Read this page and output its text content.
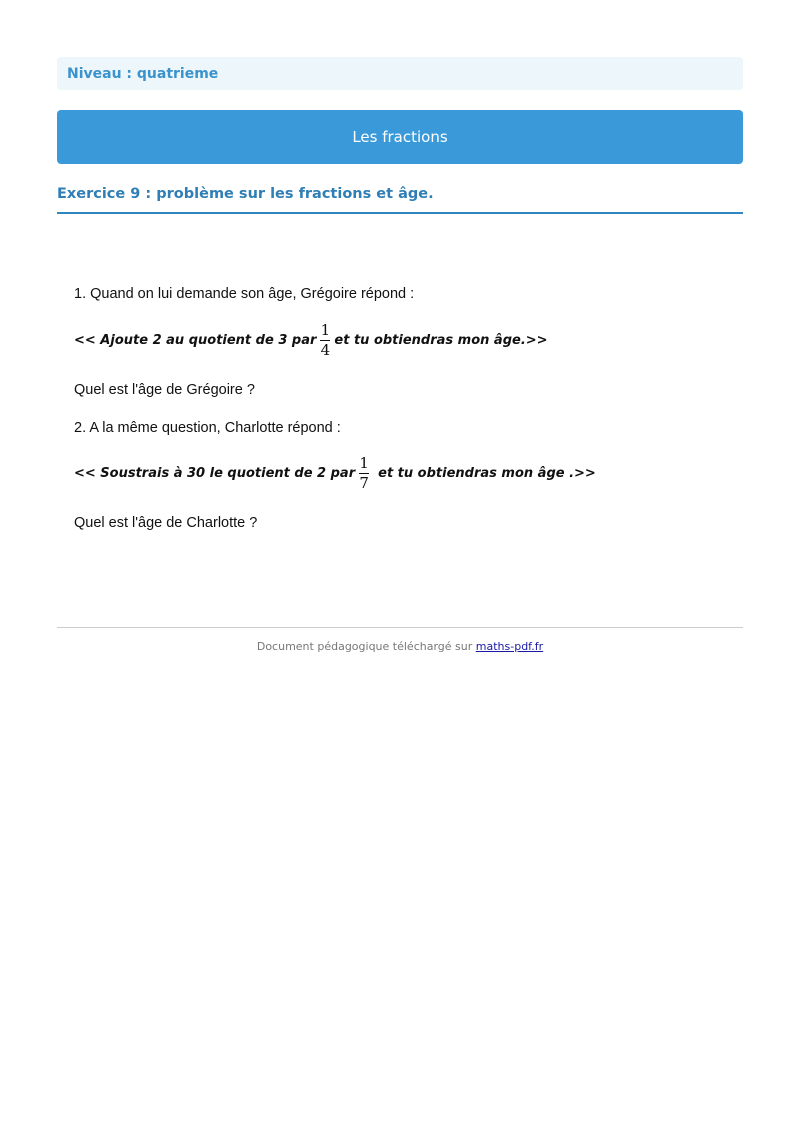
Niveau : quatrieme
Les fractions
Exercice 9 : problème sur les fractions et âge.
1. Quand on lui demande son âge, Grégoire répond :
<< Ajoute 2 au quotient de 3 par $\frac{1}{4}$ et tu obtiendras mon âge.>>
Quel est l'âge de Grégoire ?
2. A la même question, Charlotte répond :
<< Soustrais à 30 le quotient de 2 par $\frac{1}{7}$ et tu obtiendras mon âge .>>
Quel est l'âge de Charlotte ?
Document pédagogique téléchargé sur maths-pdf.fr
